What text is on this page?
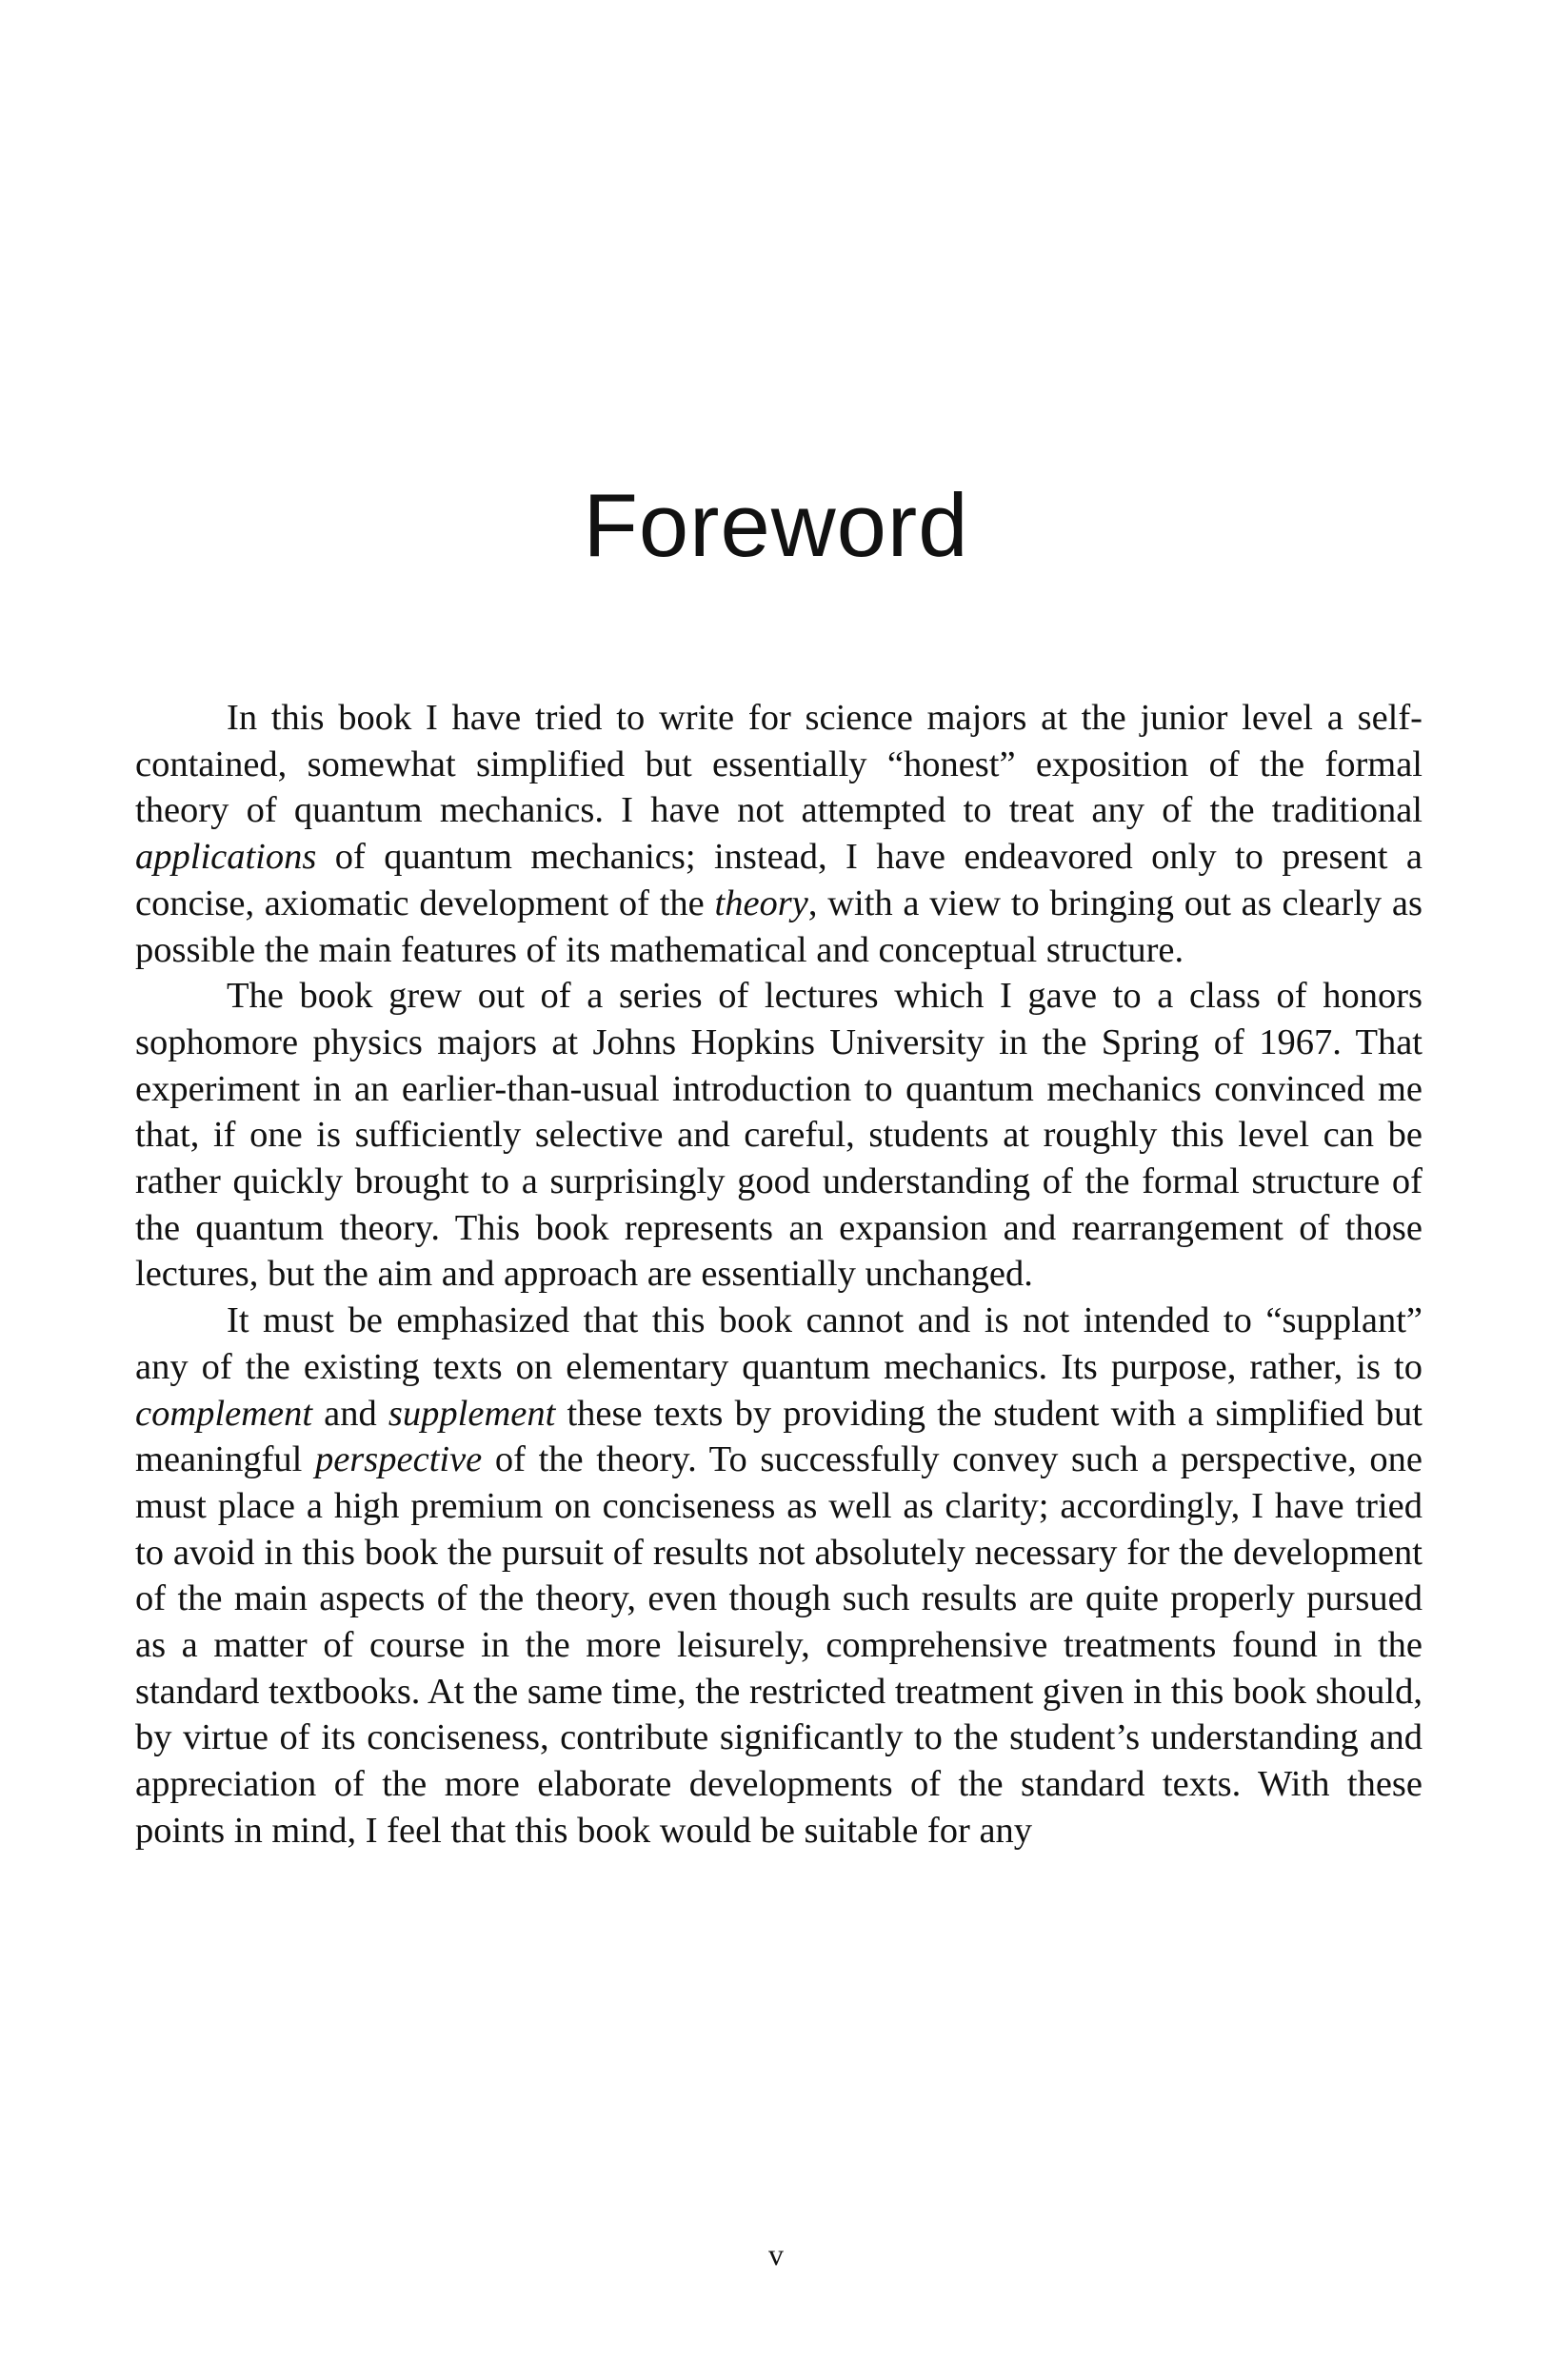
Foreword

In this book I have tried to write for science majors at the junior level a self-contained, somewhat simplified but essentially “honest” exposition of the formal theory of quantum mechanics. I have not attempted to treat any of the traditional applications of quantum mechanics; instead, I have endeavored only to present a concise, axiomatic development of the theory, with a view to bringing out as clearly as possible the main features of its mathematical and conceptual structure.

The book grew out of a series of lectures which I gave to a class of honors sophomore physics majors at Johns Hopkins University in the Spring of 1967. That experiment in an earlier-than-usual introduction to quantum mechanics convinced me that, if one is sufficiently selective and careful, students at roughly this level can be rather quickly brought to a surprisingly good understanding of the formal structure of the quantum theory. This book represents an expansion and rearrangement of those lectures, but the aim and approach are essentially unchanged.

It must be emphasized that this book cannot and is not intended to “supplant” any of the existing texts on elementary quantum mechanics. Its purpose, rather, is to complement and supplement these texts by providing the student with a simplified but meaningful perspective of the theory. To successfully convey such a perspective, one must place a high premium on conciseness as well as clarity; accordingly, I have tried to avoid in this book the pursuit of results not absolutely necessary for the development of the main aspects of the theory, even though such results are quite properly pursued as a matter of course in the more leisurely, comprehensive treatments found in the standard textbooks. At the same time, the restricted treatment given in this book should, by virtue of its conciseness, contribute significantly to the student’s understanding and appreciation of the more elaborate developments of the standard texts. With these points in mind, I feel that this book would be suitable for any

v
